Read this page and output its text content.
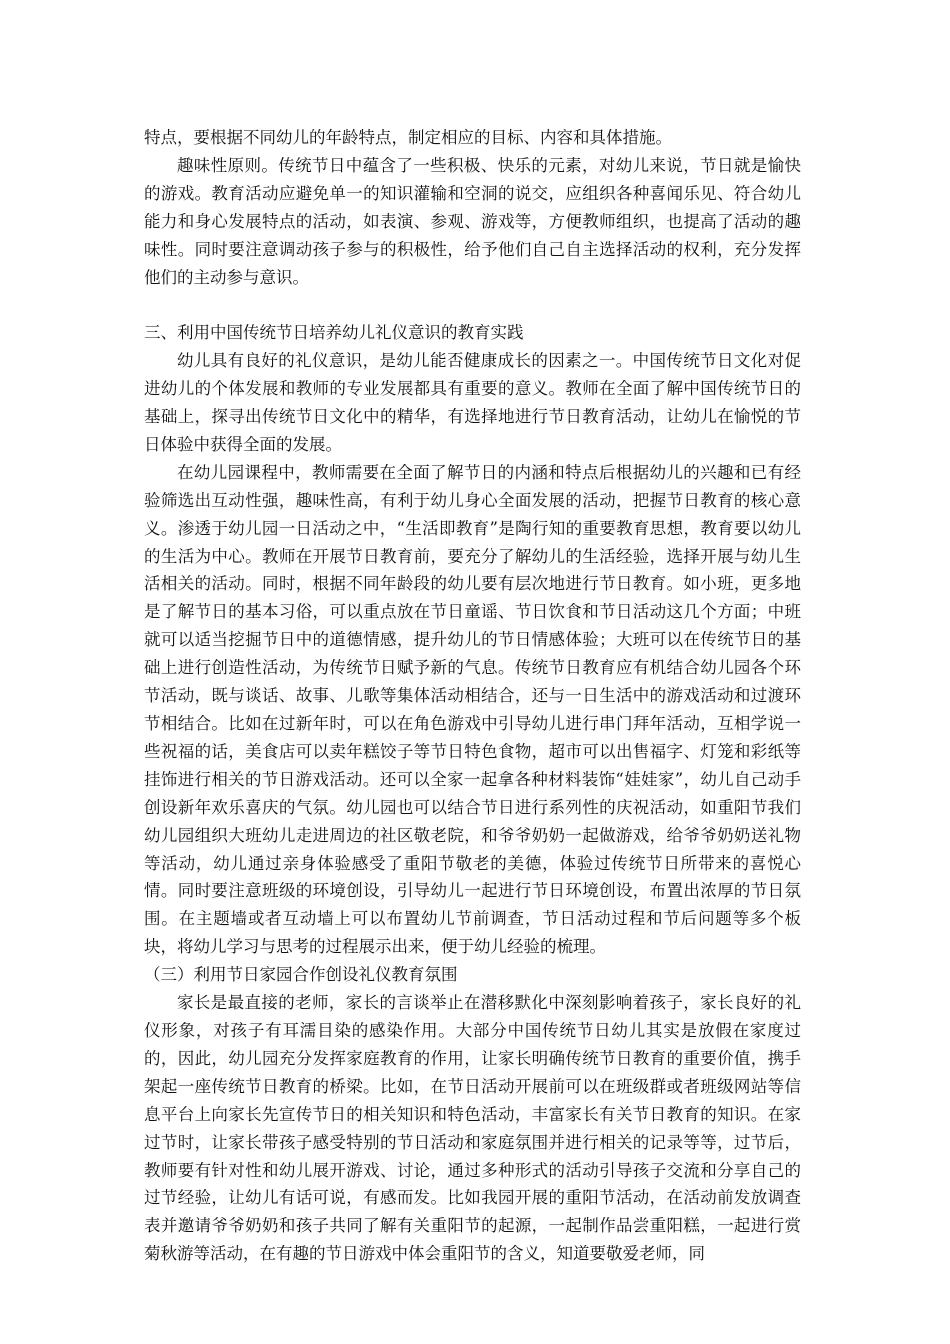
特点，要根据不同幼儿的年龄特点，制定相应的目标、内容和具体措施。

趣味性原则。传统节日中蕴含了一些积极、快乐的元素，对幼儿来说，节日就是愉快的游戏。教育活动应避免单一的知识灌输和空洞的说交，应组织各种喜闻乐见、符合幼儿能力和身心发展特点的活动，如表演、参观、游戏等，方便教师组织，也提高了活动的趣味性。同时要注意调动孩子参与的积极性，给予他们自己自主选择活动的权利，充分发挥他们的主动参与意识。

三、利用中国传统节日培养幼儿礼仪意识的教育实践

幼儿具有良好的礼仪意识，是幼儿能否健康成长的因素之一。中国传统节日文化对促进幼儿的个体发展和教师的专业发展都具有重要的意义。教师在全面了解中国传统节日的基础上，探寻出传统节日文化中的精华，有选择地进行节日教育活动，让幼儿在愉悦的节日体验中获得全面的发展。

在幼儿园课程中，教师需要在全面了解节日的内涵和特点后根据幼儿的兴趣和已有经验筛选出互动性强，趣味性高，有利于幼儿身心全面发展的活动，把握节日教育的核心意义。渗透于幼儿园一日活动之中，“生活即教育”是陶行知的重要教育思想，教育要以幼儿的生活为中心。教师在开展节日教育前，要充分了解幼儿的生活经验，选择开展与幼儿生活相关的活动。同时，根据不同年龄段的幼儿要有层次地进行节日教育。如小班，更多地是了解节日的基本习俗，可以重点放在节日童谣、节日饮食和节日活动这几个方面；中班就可以适当挖掘节日中的道德情感，提升幼儿的节日情感体验；大班可以在传统节日的基础上进行创造性活动，为传统节日赋予新的气息。传统节日教育应有机结合幼儿园各个环节活动，既与谈话、故事、儿歌等集体活动相结合，还与一日生活中的游戏活动和过渡环节相结合。比如在过新年时，可以在角色游戏中引导幼儿进行串门拜年活动，互相学说一些祝福的话，美食店可以卖年糕饺子等节日特色食物，超市可以出售福字、灯笼和彩纸等挂饰进行相关的节日游戏活动。还可以全家一起拿各种材料装饰“娃娃家”，幼儿自己动手创设新年欢乐喜庆的气氛。幼儿园也可以结合节日进行系列性的庆祝活动，如重阳节我们幼儿园组织大班幼儿走进周边的社区敬老院，和爷爷奶奶一起做游戏，给爷爷奶奶送礼物等活动，幼儿通过亲身体验感受了重阳节敬老的美德，体验过传统节日所带来的喜悦心情。同时要注意班级的环境创设，引导幼儿一起进行节日环境创设，布置出浓厚的节日氛围。在主题墙或者互动墙上可以布置幼儿节前调查，节日活动过程和节后问题等多个板块，将幼儿学习与思考的过程展示出来，便于幼儿经验的梳理。

（三）利用节日家园合作创设礼仪教育氛围

家长是最直接的老师，家长的言谈举止在潜移默化中深刻影响着孩子，家长良好的礼仪形象，对孩子有耳濡目染的感染作用。大部分中国传统节日幼儿其实是放假在家度过的，因此，幼儿园充分发挥家庭教育的作用，让家长明确传统节日教育的重要价值，携手架起一座传统节日教育的桥梁。比如，在节日活动开展前可以在班级群或者班级网站等信息平台上向家长先宣传节日的相关知识和特色活动，丰富家长有关节日教育的知识。在家过节时，让家长带孩子感受特别的节日活动和家庭氛围并进行相关的记录等等，过节后，教师要有针对性和幼儿展开游戏、讨论，通过多种形式的活动引导孩子交流和分享自己的过节经验，让幼儿有话可说，有感而发。比如我园开展的重阳节活动，在活动前发放调查表并邀请爷爷奶奶和孩子共同了解有关重阳节的起源，一起制作品尝重阳糕，一起进行赏菊秋游等活动，在有趣的节日游戏中体会重阳节的含义，知道要敬爱老师，同
